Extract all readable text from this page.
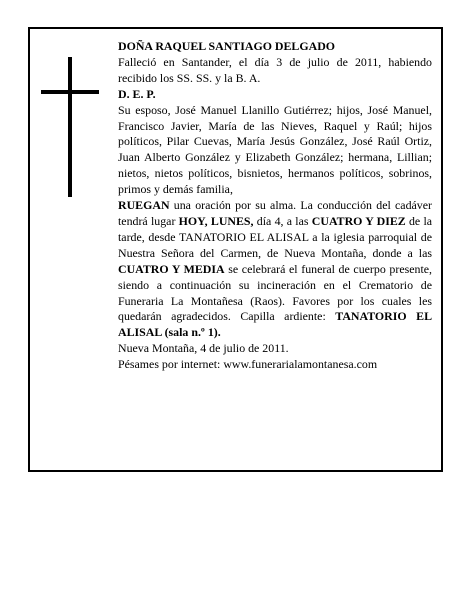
DOÑA RAQUEL SANTIAGO DELGADO

Falleció en Santander, el día 3 de julio de 2011, habiendo recibido los SS. SS. y la B. A.

D. E. P.

Su esposo, José Manuel Llanillo Gutiérrez; hijos, José Manuel, Francisco Javier, María de las Nieves, Raquel y Raúl; hijos políticos, Pilar Cuevas, María Jesús González, José Raúl Ortiz, Juan Alberto González y Elizabeth González; hermana, Lillian; nietos, nietos políticos, bisnietos, hermanos políticos, sobrinos, primos y demás familia,

RUEGAN una oración por su alma. La conducción del cadáver tendrá lugar HOY, LUNES, día 4, a las CUATRO Y DIEZ de la tarde, desde TANATORIO EL ALISAL a la iglesia parroquial de Nuestra Señora del Carmen, de Nueva Montaña, donde a las CUATRO Y MEDIA se celebrará el funeral de cuerpo presente, siendo a continuación su incineración en el Crematorio de Funeraria La Montañesa (Raos). Favores por los cuales les quedarán agradecidos. Capilla ardiente: TANATORIO EL ALISAL (sala n.º 1).

Nueva Montaña, 4 de julio de 2011.

Pésames por internet: www.funerarialamontanesa.com
